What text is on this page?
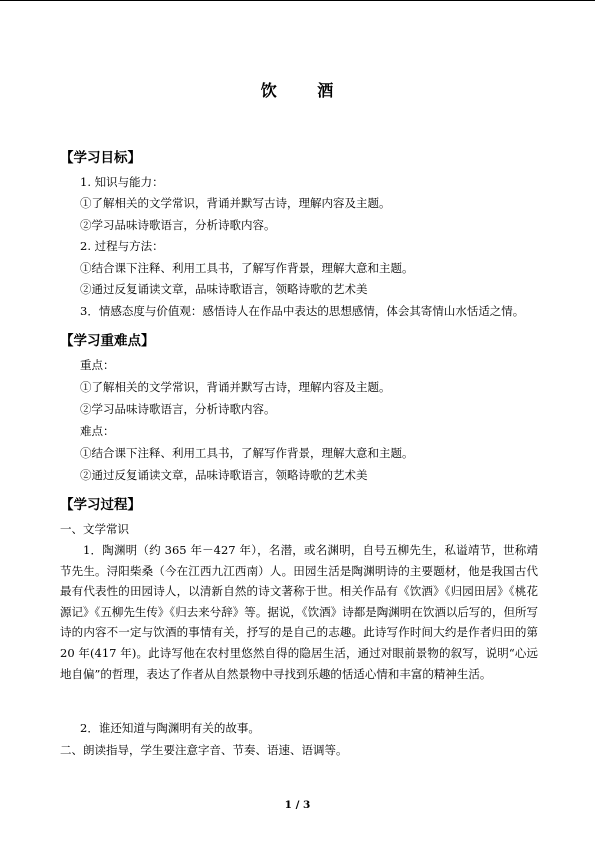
饮      酒
【学习目标】
1. 知识与能力：
①了解相关的文学常识，背诵并默写古诗，理解内容及主题。
②学习品味诗歌语言，分析诗歌内容。
2. 过程与方法：
①结合课下注释、利用工具书，了解写作背景，理解大意和主题。
②通过反复诵读文章，品味诗歌语言，领略诗歌的艺术美
3．情感态度与价值观：感悟诗人在作品中表达的思想感情，体会其寄情山水恬适之情。
【学习重难点】
重点：
①了解相关的文学常识，背诵并默写古诗，理解内容及主题。
②学习品味诗歌语言，分析诗歌内容。
难点：
①结合课下注释、利用工具书，了解写作背景，理解大意和主题。
②通过反复诵读文章，品味诗歌语言，领略诗歌的艺术美
【学习过程】
一、文学常识
1．陶渊明（约 365 年－427 年），名潜，或名渊明，自号五柳先生，私谥靖节，世称靖节先生。浔阳柴桑（今在江西九江西南）人。田园生活是陶渊明诗的主要题材，他是我国古代最有代表性的田园诗人，以清新自然的诗文著称于世。相关作品有《饮酒》《归园田居》《桃花源记》《五柳先生传》《归去来兮辞》等。据说，《饮酒》诗都是陶渊明在饮酒以后写的，但所写诗的内容不一定与饮酒的事情有关，抒写的是自己的志趣。此诗写作时间大约是作者归田的第 20 年(417 年)。此诗写他在农村里悠然自得的隐居生活，通过对眼前景物的叙写，说明“心远地自偏”的哲理，表达了作者从自然景物中寻找到乐趣的恬适心情和丰富的精神生活。
2．谁还知道与陶渊明有关的故事。
二、朗读指导，学生要注意字音、节奏、语速、语调等。
1 / 3
